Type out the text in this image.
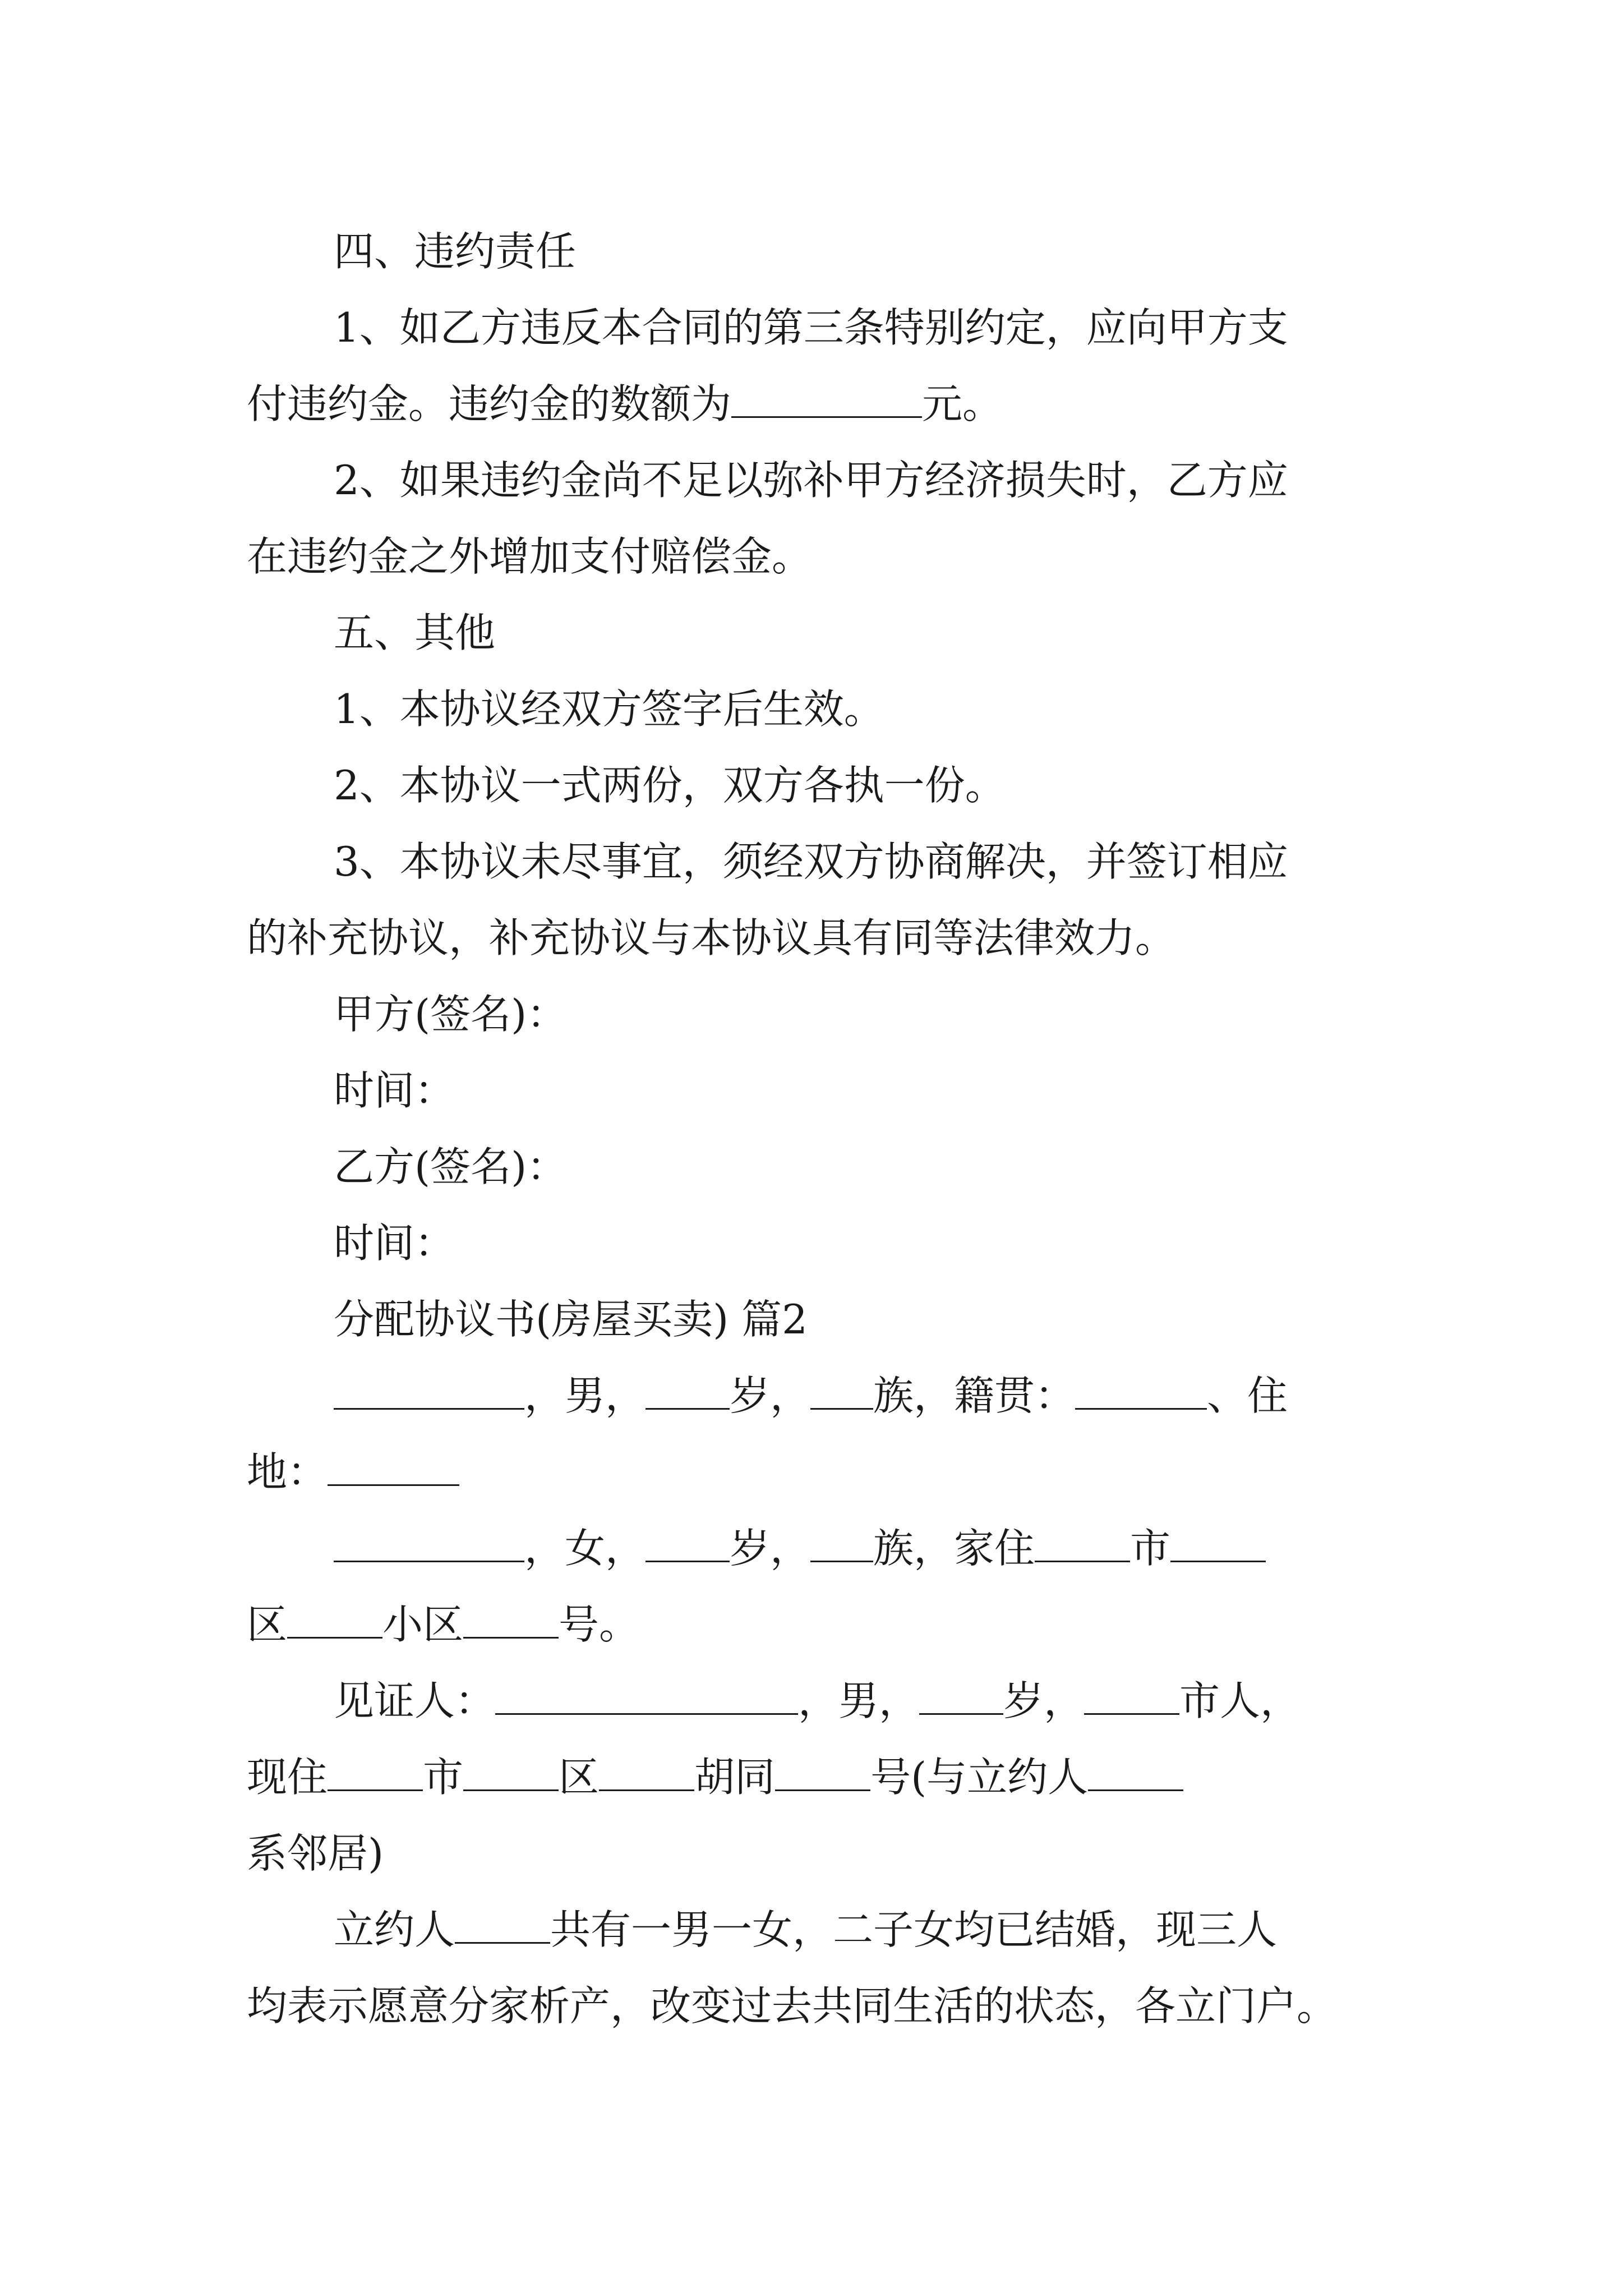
四、违约责任

1、如乙方违反本合同的第三条特别约定，应向甲方支

付违约金。违约金的数额为	元。

2、如果违约金尚不足以弥补甲方经济损失时，乙方应

在违约金之外增加支付赔偿金。

五、其他

1、本协议经双方签字后生效。

2、本协议一式两份，双方各执一份。

3、本协议未尽事宜，须经双方协商解决，并签订相应

的补充协议，补充协议与本协议具有同等法律效力。

甲方(签名)：

时间：

乙方(签名)：

时间：

分配协议书(房屋买卖) 篇2

，男， 岁， 族，籍贯：	、住

地：

，女， 岁， 族，家住 市

区 小区 号。

见证人：	，男， 岁， 市人，

现住 市 区 胡同 号(与立约人

系邻居)

立约人 共有一男一女，二子女均已结婚，现三人

均表示愿意分家析产，改变过去共同生活的状态，各立门户。
